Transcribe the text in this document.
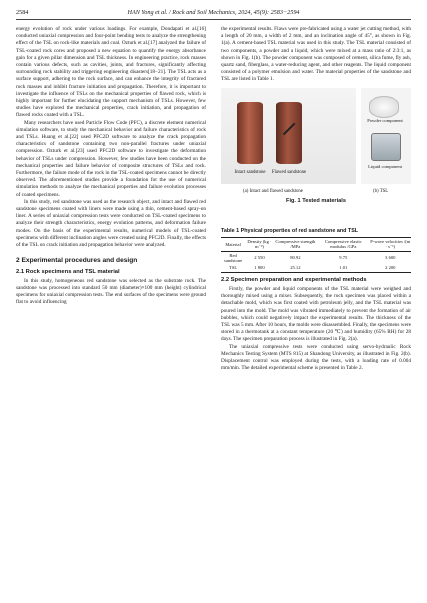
2584	HAN Yong et al. / Rock and Soil Mechanics, 2024, 45(9): 2583−2594

energy evolution of rock under various loadings. For example, Dondapati et al.[16] conducted uniaxial compression and four-point bending tests to analyze the strengthening effect of the TSL on rock-like materials and coal. Ozturk et al.[17] analyzed the failure of TSL-coated rock cores and proposed a new equation to quantify the energy absorbance gain for a given pillar dimension and TSL thickness. In engineering practice, rock masses contain various defects, such as cavities, joints, and fractures, significantly affecting surrounding rock stability and triggering engineering disasters[18−21]. The TSL acts as a surface support, adhering to the rock surface, and can enhance the integrity of fractured rock masses and inhibit fracture initiation and propagation. Therefore, it is important to investigate the influence of TSLs on the mechanical properties of flawed rock, which is highly important for further elucidating the support mechanism of TSLs. However, few studies have explored the mechanical properties, crack initiation, and propagation of flawed rocks coated with a TSL.

Many researchers have used Particle Flow Code (PFC), a discrete element numerical simulation software, to study the mechanical behavior and failure characteristics of rock and TSLs. Huang et al.[22] used PFC2D software to analyze the crack propagation characteristics of sandstone containing two non-parallel fractures under uniaxial compression. Ozturk et al.[23] used PFC2D software to investigate the deformation behavior of TSLs under compression. However, few studies have been conducted on the mechanical properties and failure behavior of composite structures of TSLs and rock. Furthermore, the failure mode of the rock in the TSL-coated specimens cannot be directly observed. The aforementioned studies provide a foundation for the use of numerical simulation methods to analyze the mechanical properties and failure evolution processes of coated specimens.

In this study, red sandstone was used as the research object, and intact and flawed red sandstone specimens coated with liners were made using a thin, cement-based spray-on liner. A series of uniaxial compression tests were conducted on TSL-coated specimens to analyze their strength characteristics, energy evolution patterns, and deformation failure modes. On the basis of the experimental results, numerical models of TSL-coated specimens with different inclination angles were created using PFC2D. Finally, the effects of the TSL on crack initiation and propagation behavior were analyzed.

2 Experimental procedures and design
2.1 Rock specimens and TSL material

In this study, homogeneous red sandstone was selected as the substrate rock. The sandstone was processed into standard 50 mm (diameter)×100 mm (height) cylindrical specimens for uniaxial compression tests. The end surfaces of the specimens were ground flat to avoid influencing

the experimental results. Flaws were pre-fabricated using a water jet cutting method, with a length of 20 mm, a width of 2 mm, and an inclination angle of 45°, as shown in Fig. 1(a). A cement-based TSL material was used in this study. The TSL material consisted of two components, a powder and a liquid, which were mixed at a mass ratio of 2:3:1, as shown in Fig. 1(b). The powder component was composed of cement, silica fume, fly ash, quartz sand, fiberglass, a water-reducing agent, and other reagents. The liquid component consisted of a polymer emulsion and water. The material properties of the sandstone and TSL are listed in Table 1.

Intact sandstone	Flawed sandstone
Powder component
Liquid component
(a) Intact and flawed sandstone	(b) TSL
Fig. 1 Tested materials
Table 1 Physical properties of red sandstone and TSL
Material	Density (kg · m⁻³)	Compressive strength /MPa	Compressive elastic modulus /GPa	P-wave velocities /(m · s⁻¹)
Red sandstone	2 550	80.92	9.75	3 600
TSL	1 800	25.12	1.01	2 200
2.2 Specimen preparation and experimental methods

Firstly, the powder and liquid components of the TSL material were weighed and thoroughly mixed using a mixer. Subsequently, the rock specimen was placed within a detachable mold, which was first coated with petroleum jelly, and the TSL material was poured into the mold. The mold was vibrated immediately to prevent the formation of air bubbles, which could negatively impact the experimental results. The thickness of the TSL was 5 mm. After 10 hours, the molds were disassembled. Finally, the specimens were stored in a thermotank at a constant temperature (20 ℃) and humidity (65% RH) for 28 days. The specimen preparation process is illustrated in Fig. 2(a).

The uniaxial compressive tests were conducted using servo-hydraulic Rock Mechanics Testing System (MTS 815) at Shandong University, as illustrated in Fig. 2(b). Displacement control was employed during the tests, with a loading rate of 0.004 mm/min. The detailed experimental scheme is presented in Table 2.
